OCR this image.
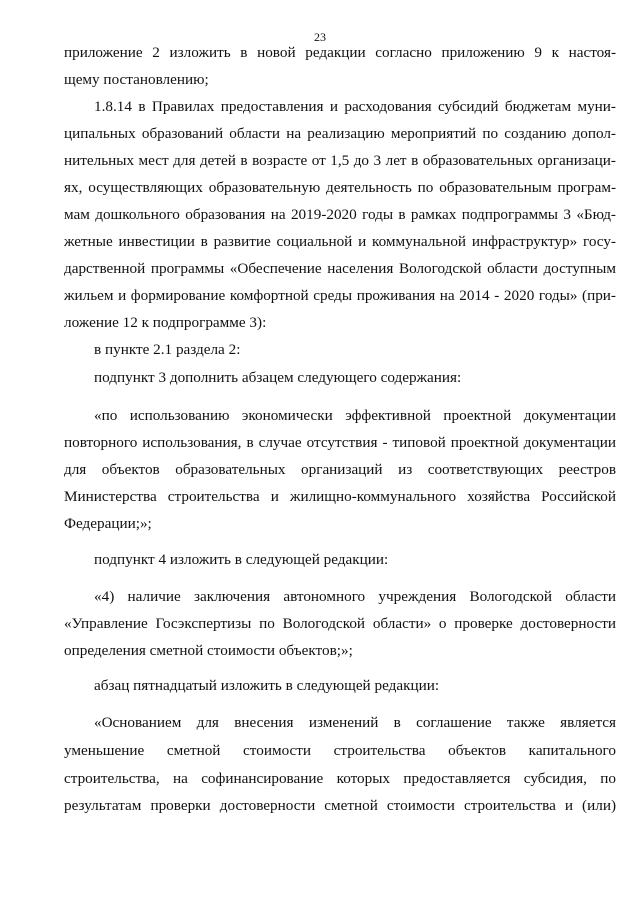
23
приложение 2 изложить в новой редакции согласно приложению 9 к настоя-
щему постановлению;
1.8.14 в Правилах предоставления и расходования субсидий бюджетам муни-
ципальных образований области на реализацию мероприятий по созданию допол-
нительных мест для детей в возрасте от 1,5 до 3 лет в образовательных организаци-
ях, осуществляющих образовательную деятельность по образовательным програм-
мам дошкольного образования на 2019-2020 годы в рамках подпрограммы 3 «Бюд-
жетные инвестиции в развитие социальной и коммунальной инфраструктур» госу-
дарственной программы «Обеспечение населения Вологодской области доступным
жильем и формирование комфортной среды проживания на 2014 - 2020 годы» (при-
ложение 12 к подпрограмме 3):
в пункте 2.1 раздела 2:
подпункт 3 дополнить абзацем следующего содержания:
«по использованию экономически эффективной проектной документации
повторного использования, в случае отсутствия - типовой проектной документации
для объектов образовательных организаций из соответствующих реестров
Министерства строительства и жилищно-коммунального хозяйства Российской
Федерации;»;
подпункт 4 изложить в следующей редакции:
«4) наличие заключения автономного учреждения Вологодской области
«Управление Госэкспертизы по Вологодской области» о проверке достоверности
определения сметной стоимости объектов;»;
абзац пятнадцатый изложить в следующей редакции:
«Основанием для внесения изменений в соглашение также является
уменьшение сметной стоимости строительства объектов капитального
строительства, на софинансирование которых предоставляется субсидия, по
результатам проверки достоверности сметной стоимости строительства и (или)
